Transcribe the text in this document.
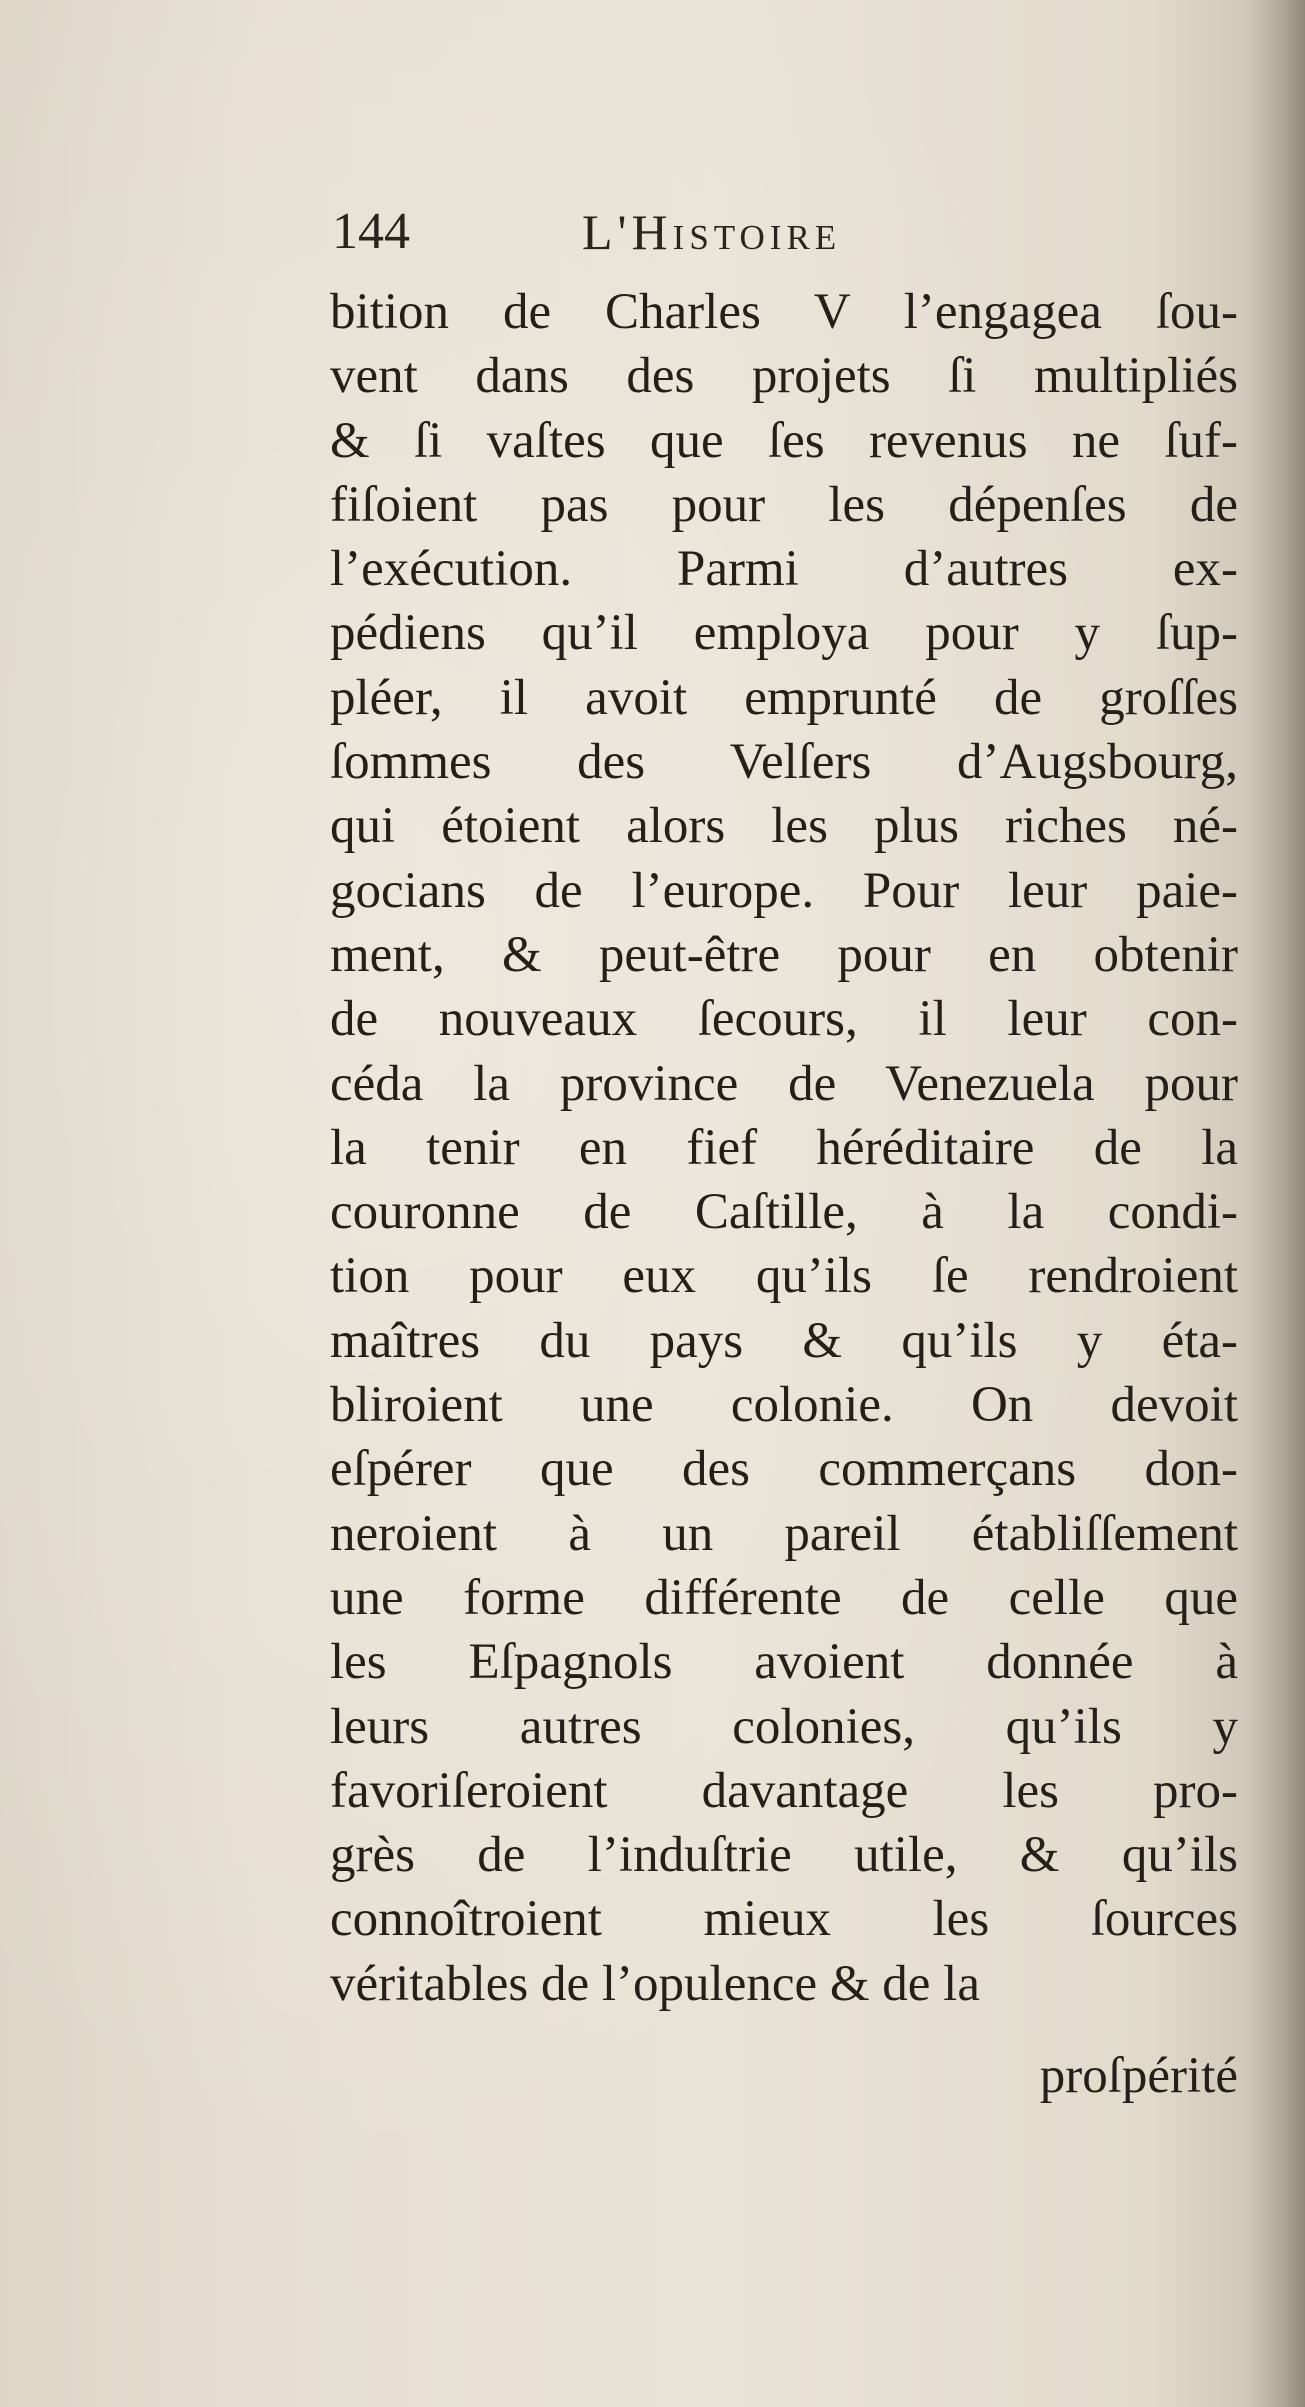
144	L'Histoire
bition de Charles V l’engagea ſou-
vent dans des projets ſi multipliés
& ſi vaſtes que ſes revenus ne ſuf-
fiſoient pas pour les dépenſes de
l’exécution. Parmi d’autres ex-
pédiens qu’il employa pour y ſup-
pléer, il avoit emprunté de groſſes
ſommes des Velſers d’Augsbourg,
qui étoient alors les plus riches né-
gocians de l’europe. Pour leur paie-
ment, & peut-être pour en obtenir
de nouveaux ſecours, il leur con-
céda la province de Venezuela pour
la tenir en fief héréditaire de la
couronne de Caſtille, à la condi-
tion pour eux qu’ils ſe rendroient
maîtres du pays & qu’ils y éta-
bliroient une colonie. On devoit
eſpérer que des commerçans don-
neroient à un pareil établiſſement
une forme différente de celle que
les Eſpagnols avoient donnée à
leurs autres colonies, qu’ils y
favoriſeroient davantage les pro-
grès de l’induſtrie utile, & qu’ils
connoîtroient mieux les ſources
véritables de l’opulence & de la
proſpérité
